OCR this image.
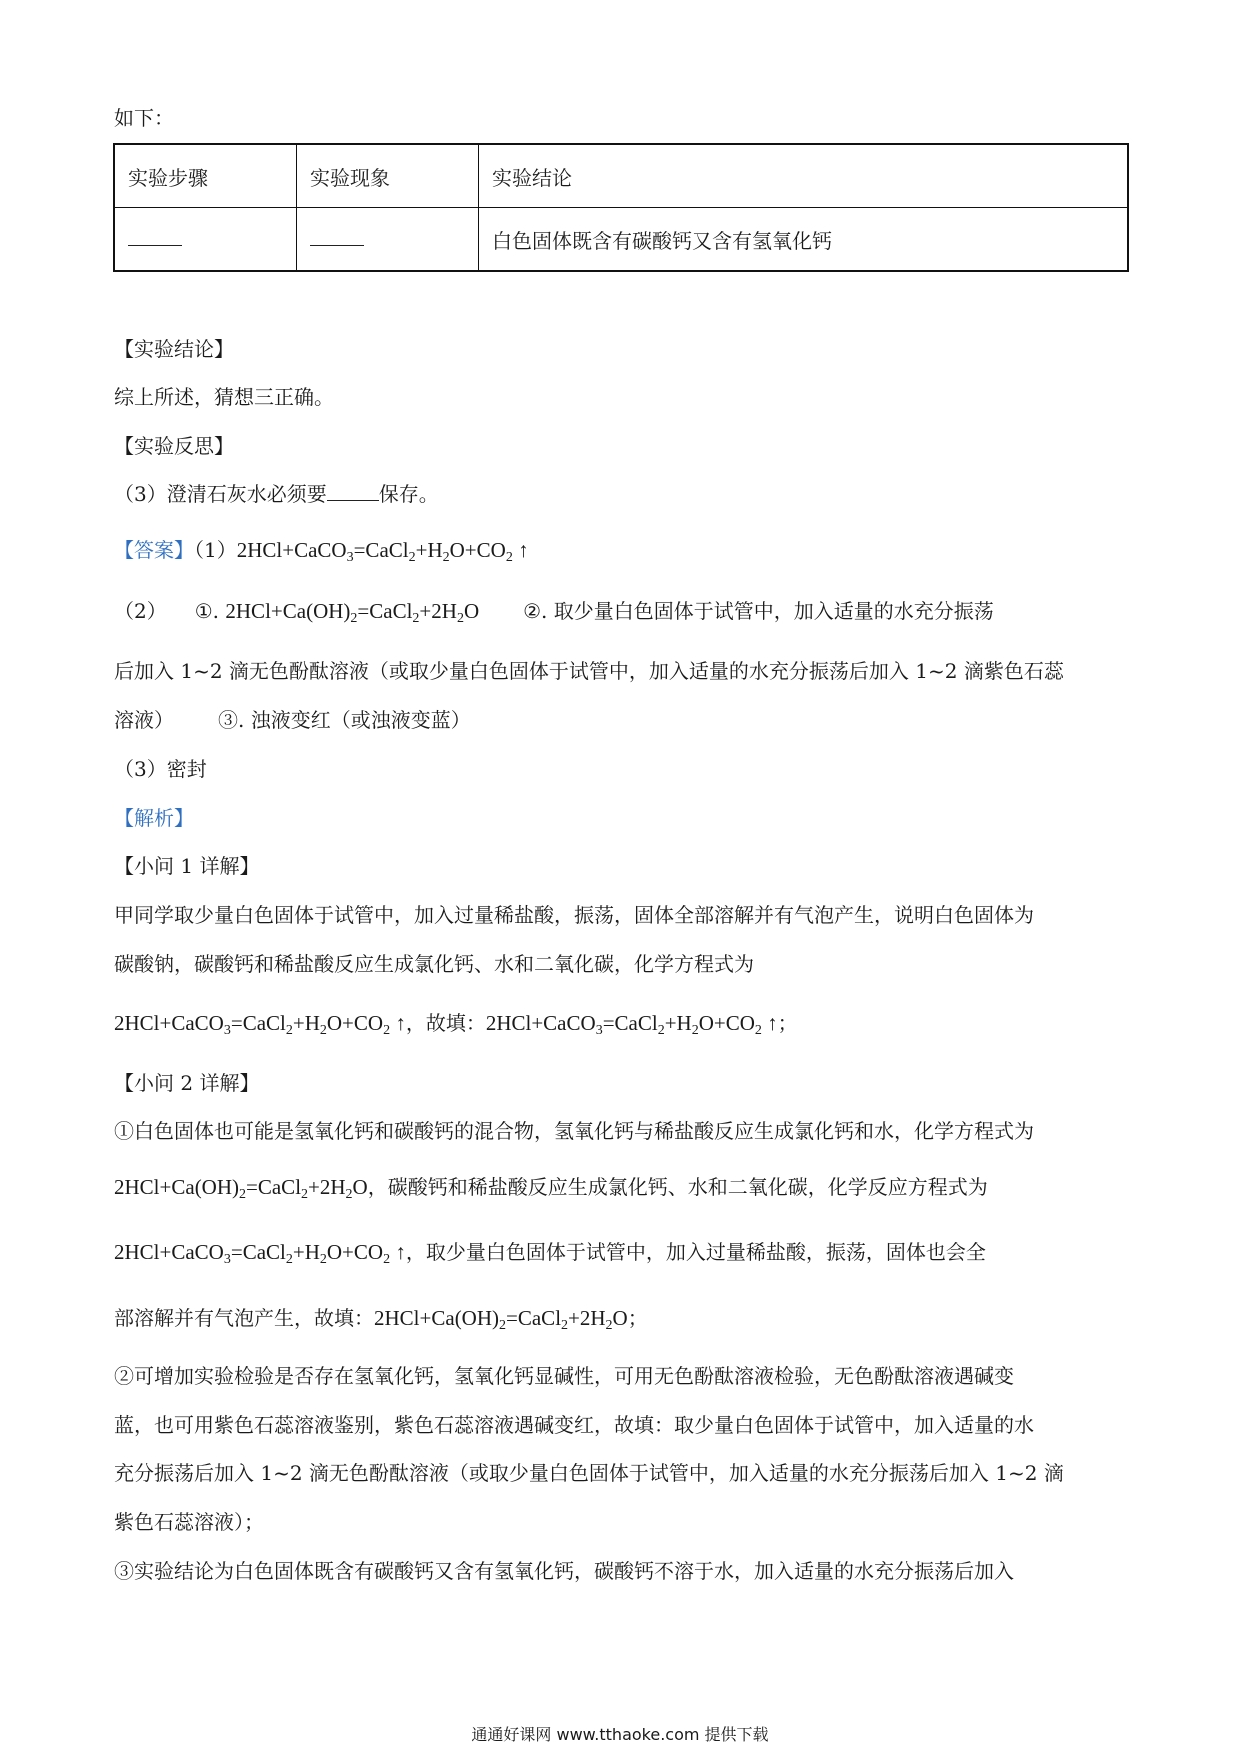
如下：
实验步骤	实验现象	实验结论
		白色固体既含有碳酸钙又含有氢氧化钙
【实验结论】
综上所述，猜想三正确。
【实验反思】
（3）澄清石灰水必须要	保存。
【答案】$(1)2HCl+CaCO_3=CaCl_2+H_2O+CO_2$ ↑
（2） ①. $2HCl+Ca(OH)_2=CaCl_2+2H_2O$ ②. 取少量白色固体于试管中，加入适量的水充分振荡
后加入 1~2 滴无色酚酞溶液（或取少量白色固体于试管中，加入适量的水充分振荡后加入 1~2 滴紫色石蕊
溶液） ③. 浊液变红（或浊液变蓝）
（3）密封
【解析】
【小问 1 详解】
甲同学取少量白色固体于试管中，加入过量稀盐酸，振荡，固体全部溶解并有气泡产生，说明白色固体为
碳酸钠，碳酸钙和稀盐酸反应生成氯化钙、水和二氧化碳，化学方程式为
$2HCl+CaCO_3=CaCl_2+H_2O+CO_2$ ↑，故填：$2HCl+CaCO_3=CaCl_2+H_2O+CO_2$ ↑；
【小问 2 详解】
①白色固体也可能是氢氧化钙和碳酸钙的混合物，氢氧化钙与稀盐酸反应生成氯化钙和水，化学方程式为
$2HCl+Ca(OH)_2=CaCl_2+2H_2O$，碳酸钙和稀盐酸反应生成氯化钙、水和二氧化碳，化学反应方程式为
$2HCl+CaCO_3=CaCl_2+H_2O+CO_2$ ↑，取少量白色固体于试管中，加入过量稀盐酸，振荡，固体也会全
部溶解并有气泡产生，故填：$2HCl+Ca(OH)_2=CaCl_2+2H_2O$；
②可增加实验检验是否存在氢氧化钙，氢氧化钙显碱性，可用无色酚酞溶液检验，无色酚酞溶液遇碱变
蓝，也可用紫色石蕊溶液鉴别，紫色石蕊溶液遇碱变红，故填：取少量白色固体于试管中，加入适量的水
充分振荡后加入 1~2 滴无色酚酞溶液（或取少量白色固体于试管中，加入适量的水充分振荡后加入 1~2 滴
紫色石蕊溶液）；
③实验结论为白色固体既含有碳酸钙又含有氢氧化钙，碳酸钙不溶于水，加入适量的水充分振荡后加入
通通好课网 www.tthaoke.com 提供下载
